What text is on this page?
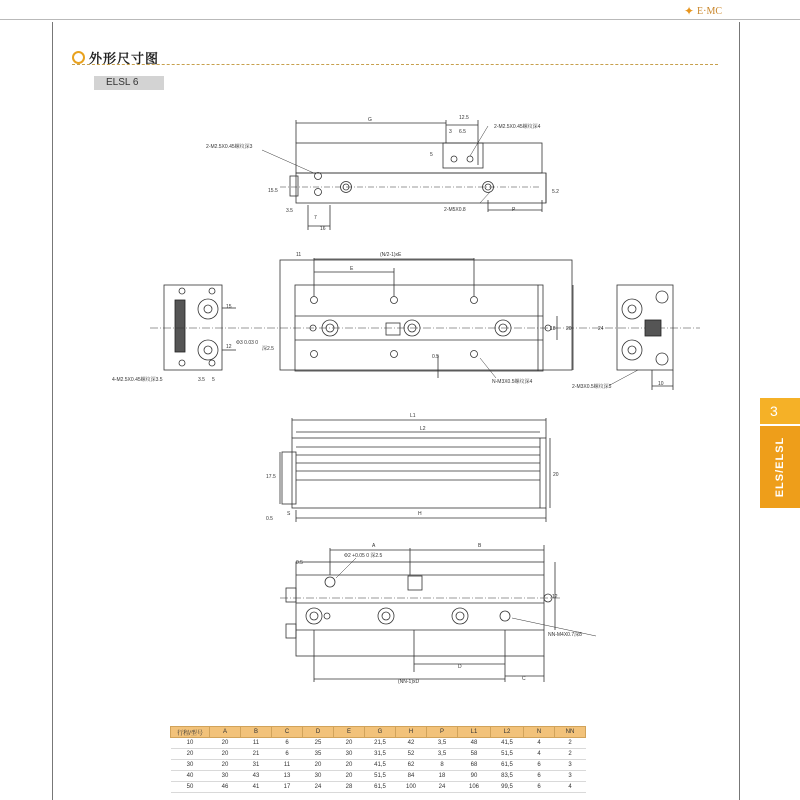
✦ E·MC
外形尺寸图
ELSL 6
3
ELS/ELSL
G	12.5
3 6.5
2-M2.5X0.45螺纹深4
2-M2.5X0.45螺纹深3
5
15.5
3.5
7
16
5.2
2-M5X0.8	P
11	(N/2-1)xE
E
15
12
Φ3 0.03 0
深2.5
0.5
18 20
4-M2.5X0.45螺纹深3.5	3.5 5	N-M3X0.5螺纹深4
24
2-M3X0.5螺纹深5	10
L1
L2
17.5	20
0.5
S	H
0.5
A	B
Φ2 +0.05 0 深2.5
12
NN-M4X0.7深8
D
(NN-1)xD	C
行程/型号	A	B	C	D	E	G	H	P	L1	L2	N	NN
10	20	11	6	25	20	21,5	42	3,5	48	41,5	4	2
20	20	21	6	35	30	31,5	52	3,5	58	51,5	4	2
30	20	31	11	20	20	41,5	62	8	68	61,5	6	3
40	30	43	13	30	20	51,5	84	18	90	83,5	6	3
50	46	41	17	24	28	61,5	100	24	106	99,5	6	4
